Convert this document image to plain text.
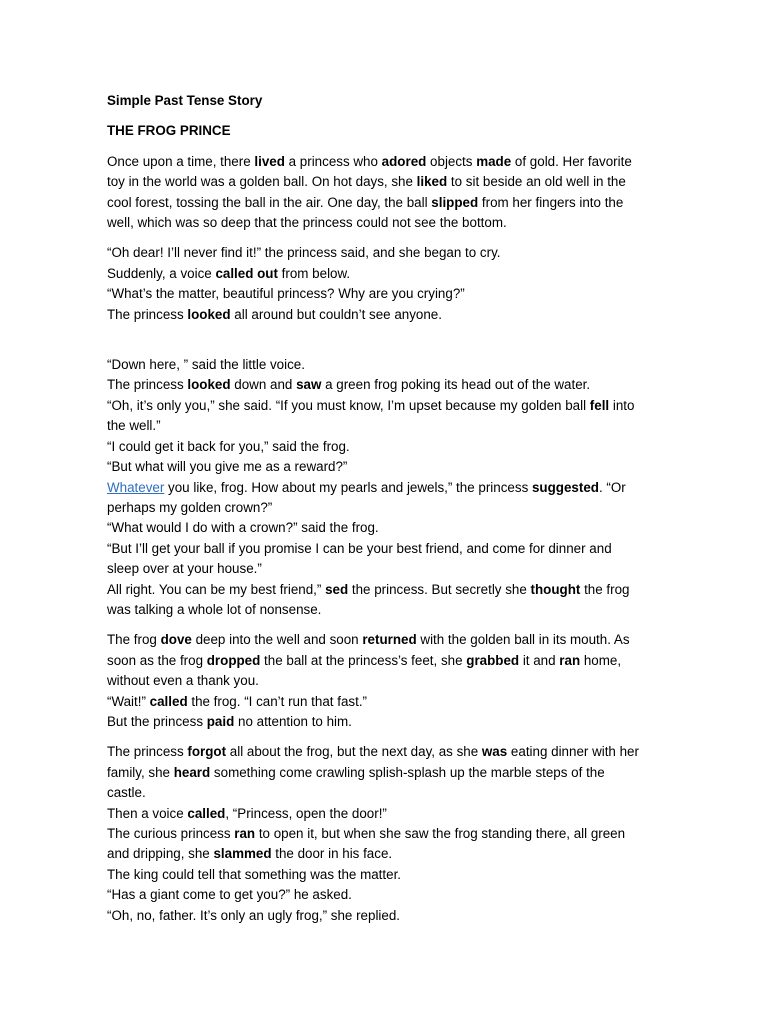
Simple Past Tense Story

THE FROG PRINCE

Once upon a time, there lived a princess who adored objects made of gold. Her favorite
toy in the world was a golden ball. On hot days, she liked to sit beside an old well in the
cool forest, tossing the ball in the air. One day, the ball slipped from her fingers into the
well, which was so deep that the princess could not see the bottom.

“Oh dear! I’ll never find it!” the princess said, and she began to cry.
Suddenly, a voice called out from below.
“What’s the matter, beautiful princess? Why are you crying?”
The princess looked all around but couldn’t see anyone.

“Down here, ” said the little voice.
The princess looked down and saw a green frog poking its head out of the water.
“Oh, it’s only you,” she said. “If you must know, I’m upset because my golden ball fell into
the well.”
“I could get it back for you,” said the frog.
“But what will you give me as a reward?”
Whatever you like, frog. How about my pearls and jewels,” the princess suggested. “Or
perhaps my golden crown?”
“What would I do with a crown?” said the frog.
“But I’ll get your ball if you promise I can be your best friend, and come for dinner and
sleep over at your house.”
All right. You can be my best friend,” sed the princess. But secretly she thought the frog
was talking a whole lot of nonsense.

The frog dove deep into the well and soon returned with the golden ball in its mouth. As
soon as the frog dropped the ball at the princess’s feet, she grabbed it and ran home,
without even a thank you.
“Wait!” called the frog. “I can’t run that fast.”
But the princess paid no attention to him.

The princess forgot all about the frog, but the next day, as she was eating dinner with her
family, she heard something come crawling splish-splash up the marble steps of the
castle.
Then a voice called, “Princess, open the door!”
The curious princess ran to open it, but when she saw the frog standing there, all green
and dripping, she slammed the door in his face.
The king could tell that something was the matter.
“Has a giant come to get you?” he asked.
“Oh, no, father. It’s only an ugly frog,” she replied.
